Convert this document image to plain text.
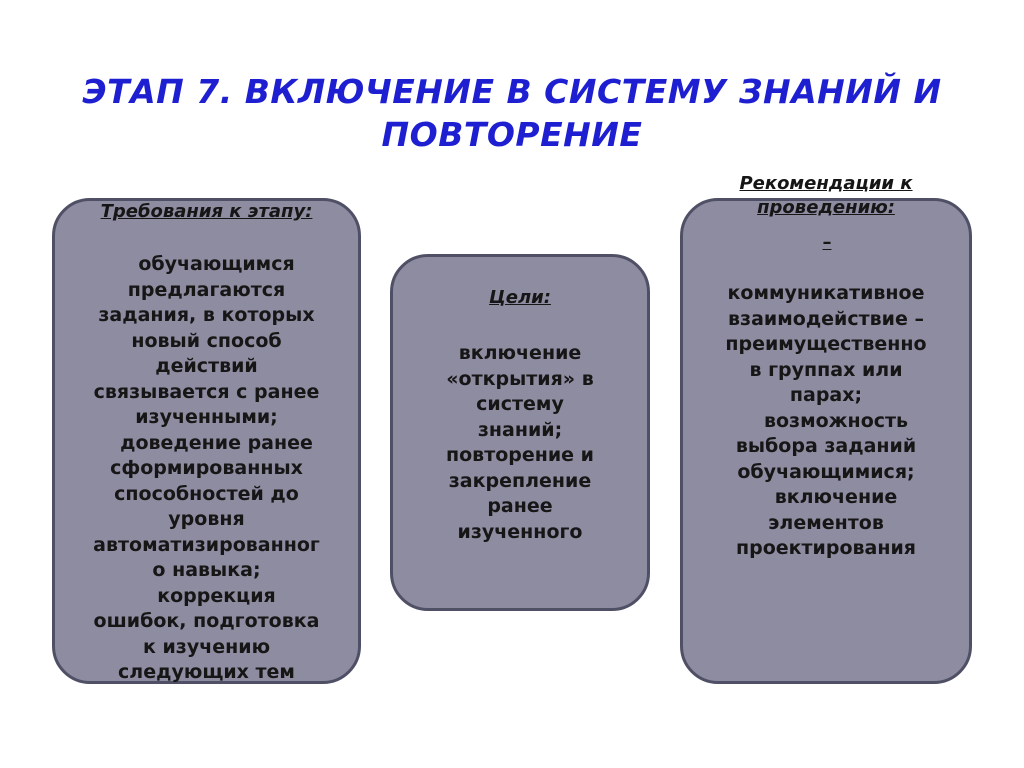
ЭТАП 7. ВКЛЮЧЕНИЕ В СИСТЕМУ ЗНАНИЙ И
ПОВТОРЕНИЕ
Требования к этапу:
обучающимся
предлагаются
задания, в которых
новый способ
действий
связывается с ранее
изученными;
доведение ранее
сформированных
способностей до
уровня
автоматизированног
о навыка;
коррекция
ошибок, подготовка
к изучению
следующих тем
Цели:
включение
«открытия» в
систему
знаний;
повторение и
закрепление
ранее
изученного
Рекомендации к
проведению:
–
коммуникативное
взаимодействие –
преимущественно
в группах или
парах;
возможность
выбора заданий
обучающимися;
включение
элементов
проектирования
